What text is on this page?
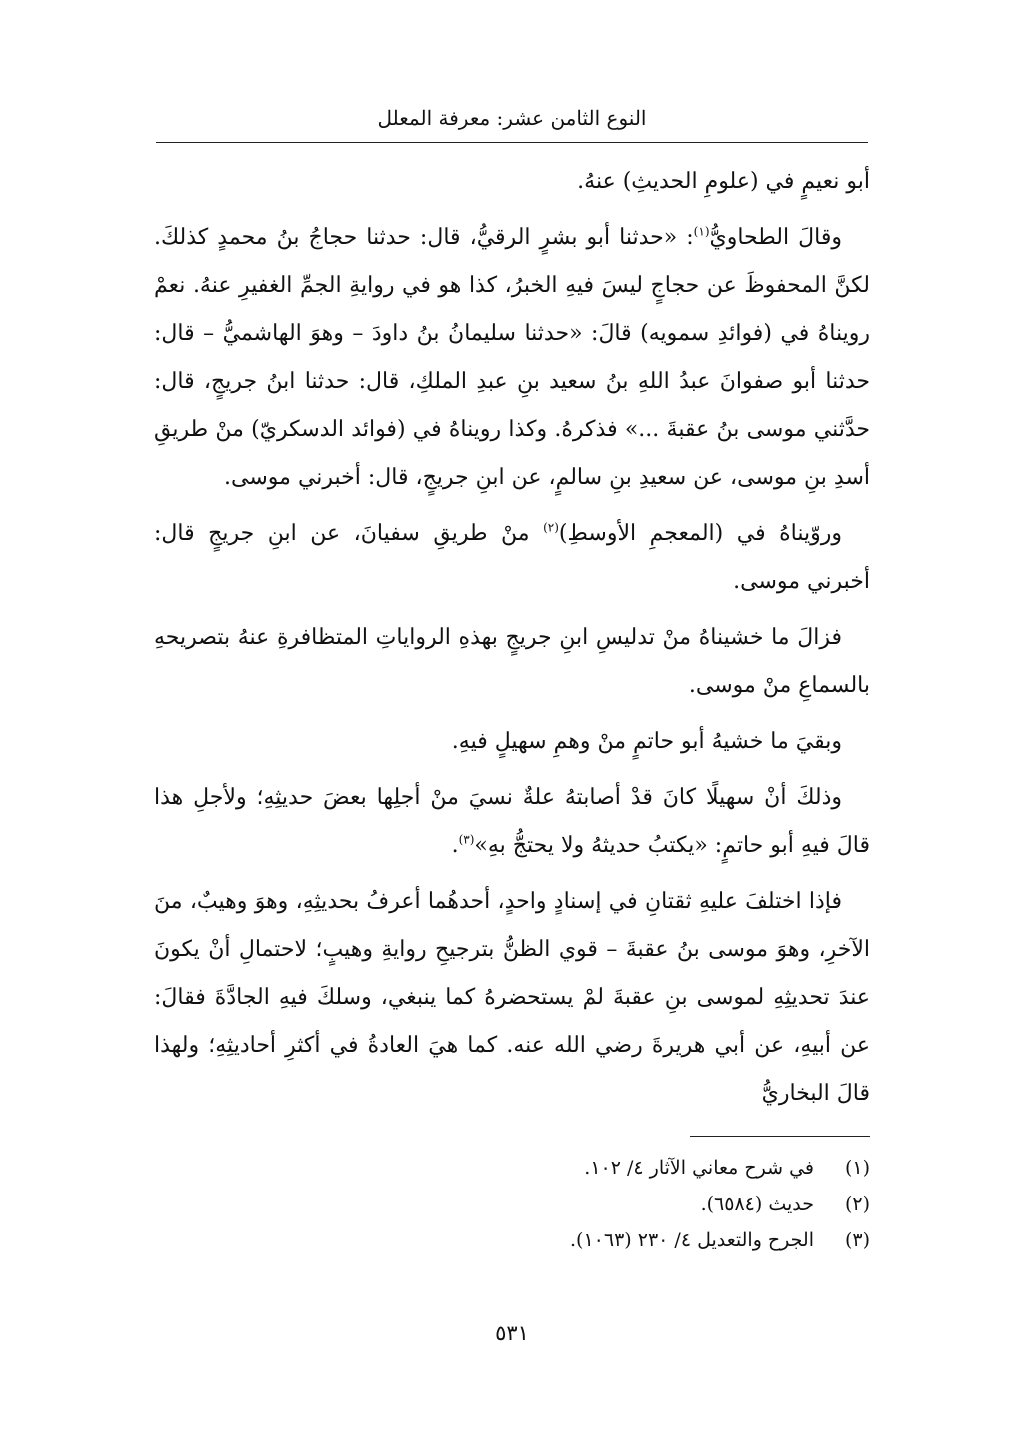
النوع الثامن عشر: معرفة المعلل

أبو نعيمٍ في (علومِ الحديثِ) عنهُ.

وقالَ الطحاويُّ$^{(١)}$: «حدثنا أبو بشرٍ الرقيُّ، قال: حدثنا حجاجُ بنُ محمدٍ كذلكَ. لكنَّ المحفوظَ عن حجاجٍ ليسَ فيهِ الخبرُ، كذا هو في روايةِ الجمِّ الغفيرِ عنهُ. نعمْ رويناهُ في (فوائدِ سمويه) قالَ: «حدثنا سليمانُ بنُ داودَ – وهوَ الهاشميُّ – قال: حدثنا أبو صفوانَ عبدُ اللهِ بنُ سعيد بنِ عبدِ الملكِ، قال: حدثنا ابنُ جريجٍ، قال: حدَّثني موسى بنُ عقبةَ ...» فذكرهُ. وكذا رويناهُ في (فوائد الدسكريّ) منْ طريقِ أسدِ بنِ موسى، عن سعيدِ بنِ سالمٍ، عن ابنِ جريجٍ، قال: أخبرني موسى.

وروّيناهُ في (المعجمِ الأوسطِ)$^{(٢)}$ منْ طريقِ سفيانَ، عن ابنِ جريجٍ قال: أخبرني موسى.

فزالَ ما خشيناهُ منْ تدليسِ ابنِ جريجٍ بهذهِ الرواياتِ المتظافرةِ عنهُ بتصريحهِ بالسماعِ منْ موسى.

وبقيَ ما خشيهُ أبو حاتمٍ منْ وهمِ سهيلٍ فيهِ.

وذلكَ أنْ سهيلًا كانَ قدْ أصابتهُ علةٌ نسيَ منْ أجلِها بعضَ حديثِهِ؛ ولأجلِ هذا قالَ فيهِ أبو حاتمٍ: «يكتبُ حديثهُ ولا يحتجُّ بهِ»$^{(٣)}$.

فإذا اختلفَ عليهِ ثقتانِ في إسنادٍ واحدٍ، أحدهُما أعرفُ بحديثِهِ، وهوَ وهيبٌ، منَ الآخرِ، وهوَ موسى بنُ عقبةَ – قوي الظنُّ بترجيحِ روايةِ وهيبٍ؛ لاحتمالِ أنْ يكونَ عندَ تحديثِهِ لموسى بنِ عقبةَ لمْ يستحضرهُ كما ينبغي، وسلكَ فيهِ الجادَّةَ فقالَ: عن أبيهِ، عن أبي هريرةَ رضي الله عنه. كما هيَ العادةُ في أكثرِ أحاديثِهِ؛ ولهذا قالَ البخاريُّ

(١)
في شرح معاني الآثار ٤/ ١٠٢.
(٢)
حديث (٦٥٨٤).
(٣)
الجرح والتعديل ٤/ ٢٣٠ (١٠٦٣).
٥٣١
